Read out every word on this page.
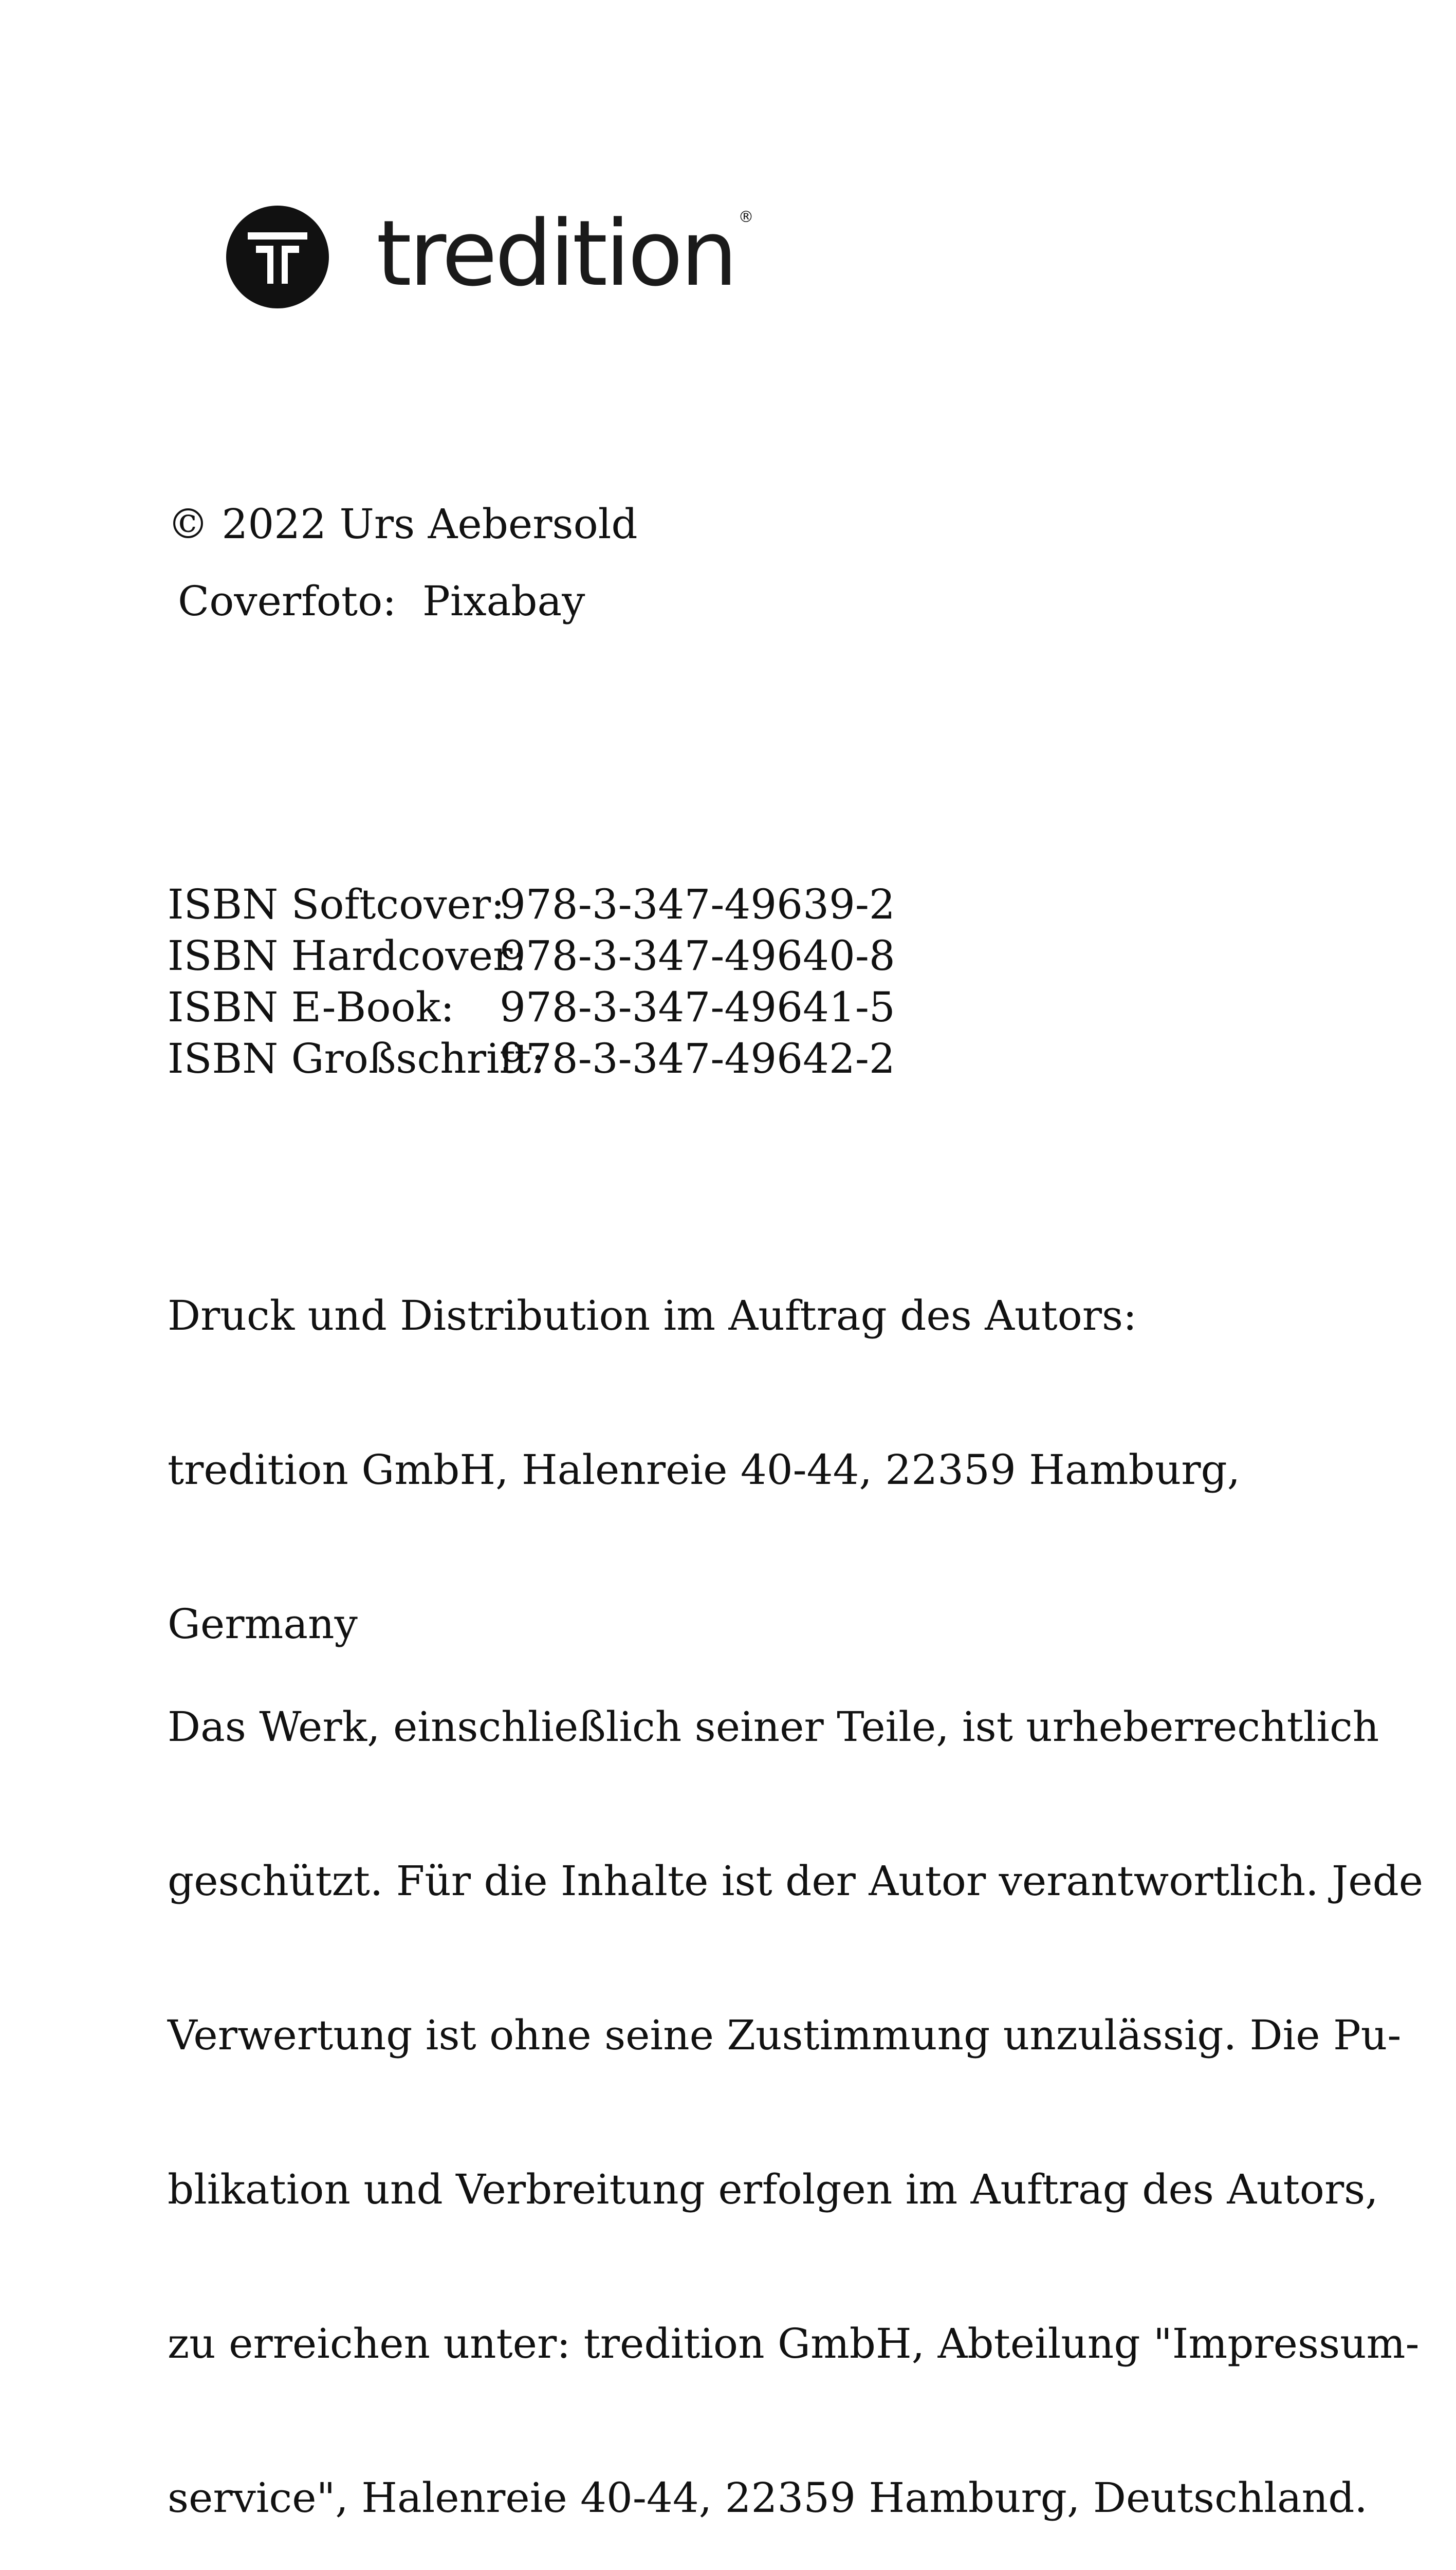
tredition ®

© 2022 Urs Aebersold

Coverfoto:  Pixabay

ISBN Softcover:
978-3-347-49639-2
ISBN Hardcover:
978-3-347-49640-8
ISBN E-Book:	978-3-347-49641-5
ISBN Großschrift:
978-3-347-49642-2

Druck und Distribution im Auftrag des Autors:

tredition GmbH, Halenreie 40-44, 22359 Hamburg,

Germany

Das Werk, einschließlich seiner Teile, ist urheberrechtlich

geschützt. Für die Inhalte ist der Autor verantwortlich. Jede

Verwertung ist ohne seine Zustimmung unzulässig. Die Pu-

blikation und Verbreitung erfolgen im Auftrag des Autors,

zu erreichen unter: tredition GmbH, Abteilung "Impressum-

service", Halenreie 40-44, 22359 Hamburg, Deutschland.
